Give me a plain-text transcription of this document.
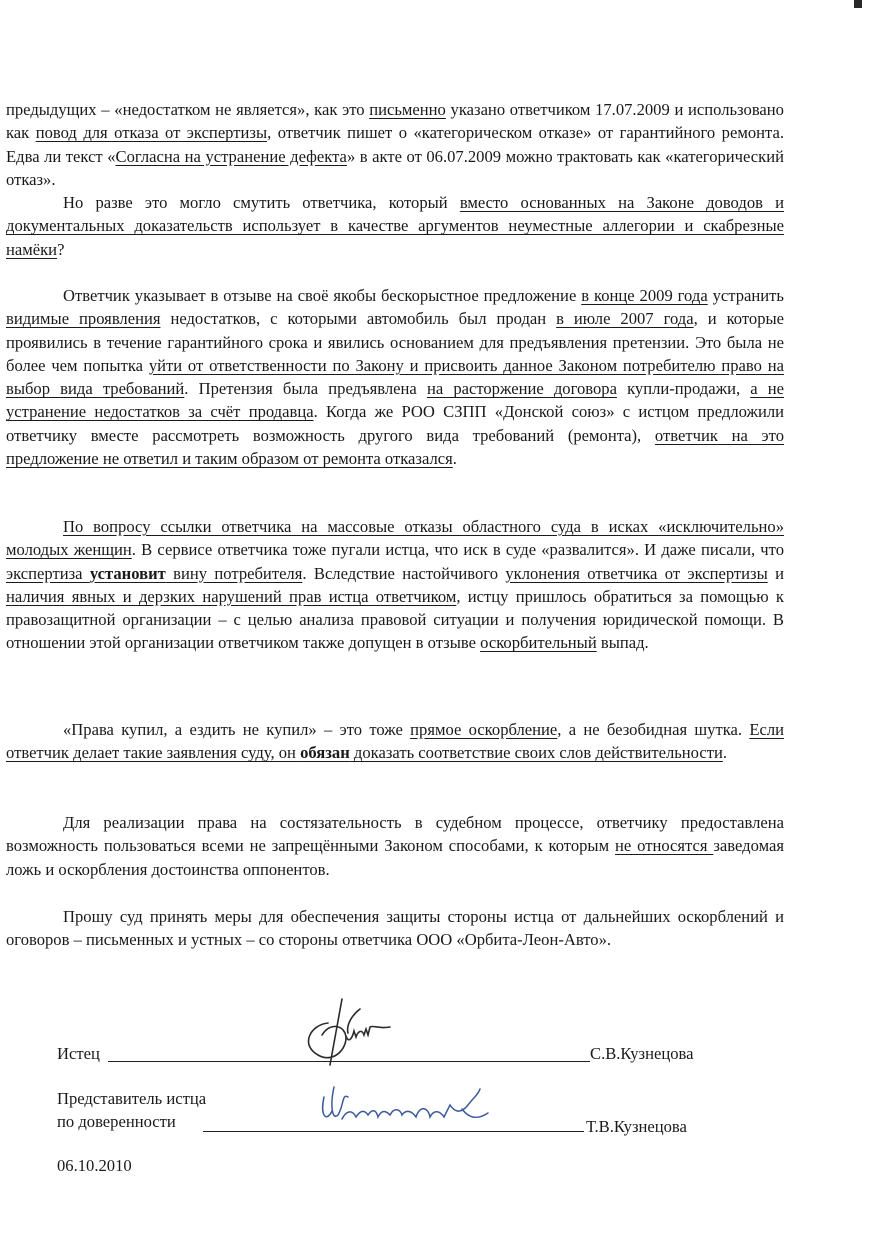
предыдущих – «недостатком не является», как это письменно указано ответчиком 17.07.2009 и использовано как повод для отказа от экспертизы, ответчик пишет о «категорическом отказе» от гарантийного ремонта. Едва ли текст «Согласна на устранение дефекта» в акте от 06.07.2009 можно трактовать как «категорический отказ».

Но разве это могло смутить ответчика, который вместо основанных на Законе доводов и документальных доказательств использует в качестве аргументов неуместные аллегории и скабрезные намёки?

Ответчик указывает в отзыве на своё якобы бескорыстное предложение в конце 2009 года устранить видимые проявления недостатков, с которыми автомобиль был продан в июле 2007 года, и которые проявились в течение гарантийного срока и явились основанием для предъявления претензии. Это была не более чем попытка уйти от ответственности по Закону и присвоить данное Законом потребителю право на выбор вида требований. Претензия была предъявлена на расторжение договора купли-продажи, а не устранение недостатков за счёт продавца. Когда же РОО СЗПП «Донской союз» с истцом предложили ответчику вместе рассмотреть возможность другого вида требований (ремонта), ответчик на это предложение не ответил и таким образом от ремонта отказался.

По вопросу ссылки ответчика на массовые отказы областного суда в исках «исключительно» молодых женщин. В сервисе ответчика тоже пугали истца, что иск в суде «развалится». И даже писали, что экспертиза установит вину потребителя. Вследствие настойчивого уклонения ответчика от экспертизы и наличия явных и дерзких нарушений прав истца ответчиком, истцу пришлось обратиться за помощью к правозащитной организации – с целью анализа правовой ситуации и получения юридической помощи. В отношении этой организации ответчиком также допущен в отзыве оскорбительный выпад.

«Права купил, а ездить не купил» – это тоже прямое оскорбление, а не безобидная шутка. Если ответчик делает такие заявления суду, он обязан доказать соответствие своих слов действительности.

Для реализации права на состязательность в судебном процессе, ответчику предоставлена возможность пользоваться всеми не запрещёнными Законом способами, к которым не относятся заведомая ложь и оскорбления достоинства оппонентов.

Прошу суд принять меры для обеспечения защиты стороны истца от дальнейших оскорблений и оговоров – письменных и устных – со стороны ответчика ООО «Орбита-Леон-Авто».

Истец	С.В.Кузнецова
Представитель истца
по доверенности	Т.В.Кузнецова
06.10.2010
